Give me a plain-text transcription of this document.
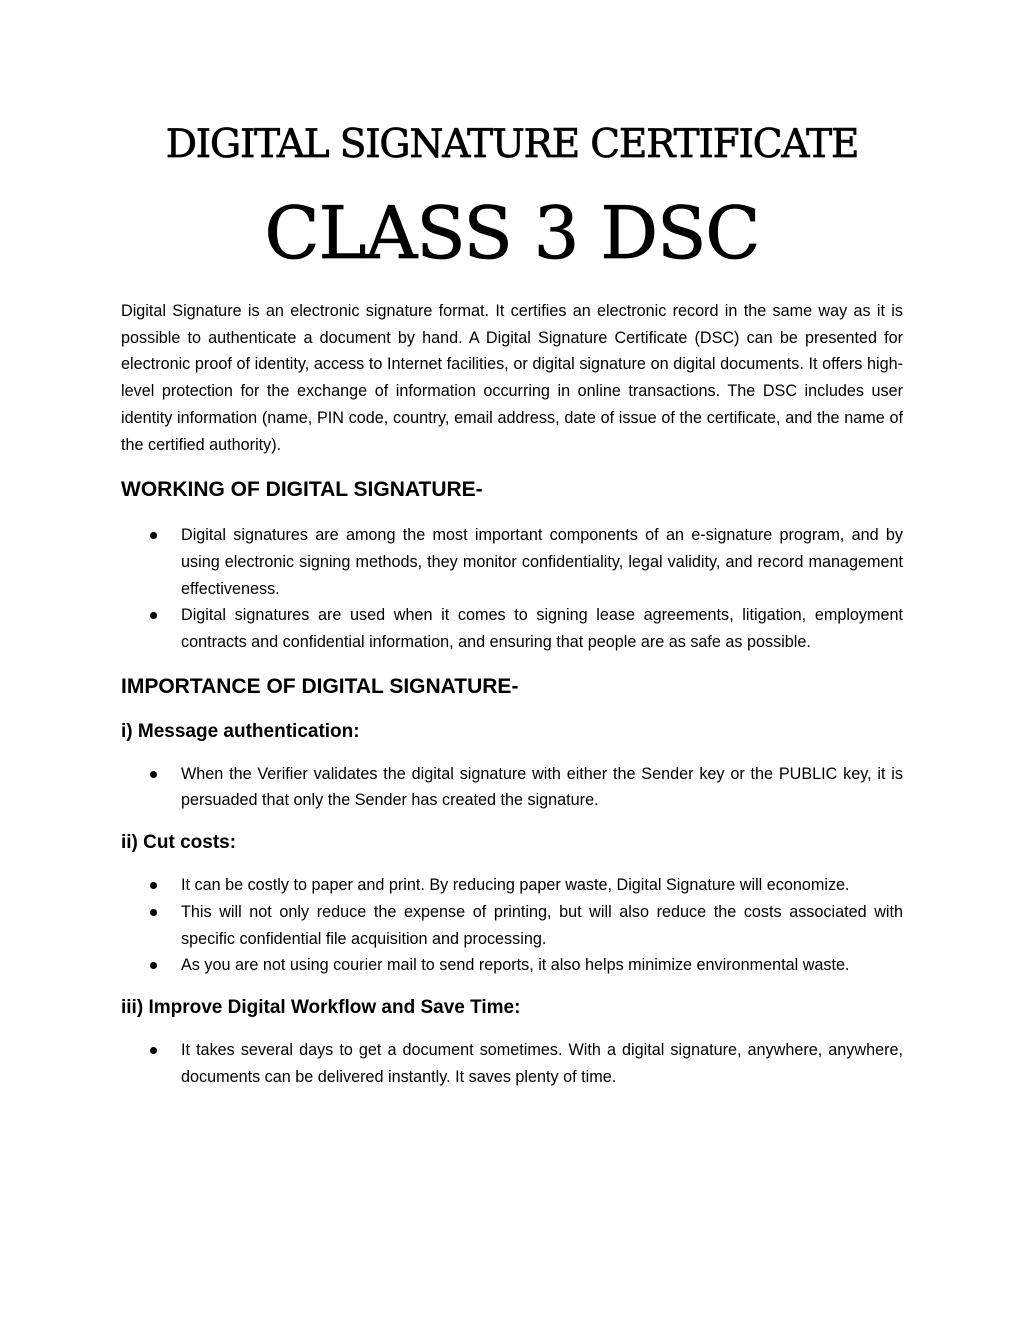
DIGITAL SIGNATURE CERTIFICATE
CLASS 3 DSC

Digital Signature is an electronic signature format. It certifies an electronic record in the same way as it is possible to authenticate a document by hand. A Digital Signature Certificate (DSC) can be presented for electronic proof of identity, access to Internet facilities, or digital signature on digital documents. It offers high-level protection for the exchange of information occurring in online transactions. The DSC includes user identity information (name, PIN code, country, email address, date of issue of the certificate, and the name of the certified authority).

WORKING OF DIGITAL SIGNATURE-
Digital signatures are among the most important components of an e-signature program, and by using electronic signing methods, they monitor confidentiality, legal validity, and record management effectiveness.
Digital signatures are used when it comes to signing lease agreements, litigation, employment contracts and confidential information, and ensuring that people are as safe as possible.
IMPORTANCE OF DIGITAL SIGNATURE-
i) Message authentication:
When the Verifier validates the digital signature with either the Sender key or the PUBLIC key, it is persuaded that only the Sender has created the signature.
ii) Cut costs:
It can be costly to paper and print. By reducing paper waste, Digital Signature will economize.
This will not only reduce the expense of printing, but will also reduce the costs associated with specific confidential file acquisition and processing.
As you are not using courier mail to send reports, it also helps minimize environmental waste.
iii) Improve Digital Workflow and Save Time:
It takes several days to get a document sometimes. With a digital signature, anywhere, anywhere, documents can be delivered instantly. It saves plenty of time.
